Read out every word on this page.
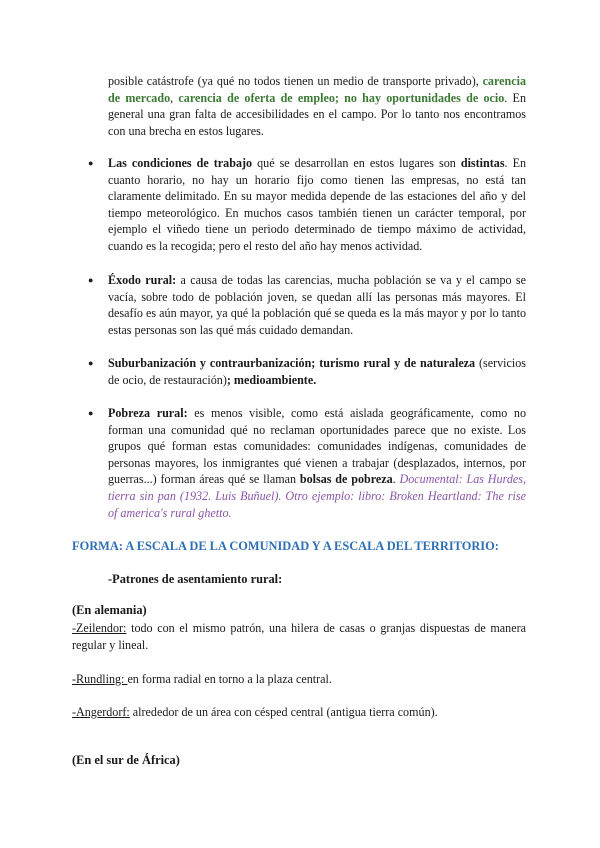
posible catástrofe (ya qué no todos tienen un medio de transporte privado), carencia de mercado, carencia de oferta de empleo; no hay oportunidades de ocio. En general una gran falta de accesibilidades en el campo. Por lo tanto nos encontramos con una brecha en estos lugares.

● Las condiciones de trabajo qué se desarrollan en estos lugares son distintas. En cuanto horario, no hay un horario fijo como tienen las empresas, no está tan claramente delimitado. En su mayor medida depende de las estaciones del año y del tiempo meteorológico. En muchos casos también tienen un carácter temporal, por ejemplo el viñedo tiene un periodo determinado de tiempo máximo de actividad, cuando es la recogida; pero el resto del año hay menos actividad.

● Éxodo rural: a causa de todas las carencias, mucha población se va y el campo se vacía, sobre todo de población joven, se quedan allí las personas más mayores. El desafío es aún mayor, ya qué la población qué se queda es la más mayor y por lo tanto estas personas son las qué más cuidado demandan.

● Suburbanización y contraurbanización; turismo rural y de naturaleza (servicios de ocio, de restauración); medioambiente.

● Pobreza rural: es menos visible, como está aislada geográficamente, como no forman una comunidad qué no reclaman oportunidades parece que no existe. Los grupos qué forman estas comunidades: comunidades indígenas, comunidades de personas mayores, los inmigrantes qué vienen a trabajar (desplazados, internos, por guerras...) forman áreas qué se llaman bolsas de pobreza. Documental: Las Hurdes, tierra sin pan (1932. Luis Buñuel). Otro ejemplo: libro: Broken Heartland: The rise of america's rural ghetto.

FORMA: A ESCALA DE LA COMUNIDAD Y A ESCALA DEL TERRITORIO:
-Patrones de asentamiento rural:
(En alemania)

-Zeilendor: todo con el mismo patrón, una hilera de casas o granjas dispuestas de manera regular y lineal.

-Rundling: en forma radial en torno a la plaza central.

-Angerdorf: alrededor de un área con césped central (antigua tierra común).

(En el sur de África)
